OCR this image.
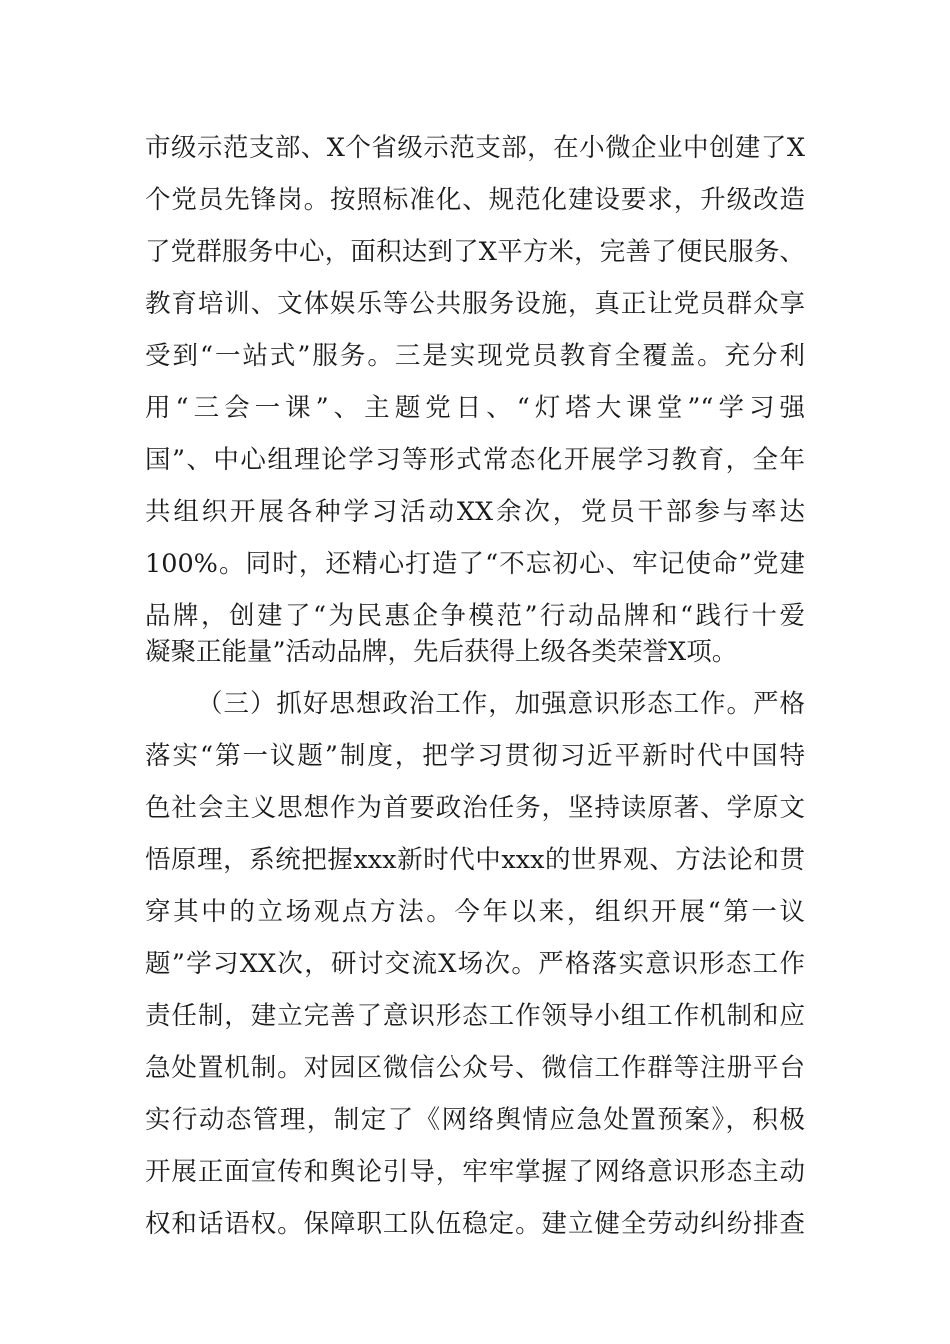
市级示范支部、X个省级示范支部，在小微企业中创建了X
个党员先锋岗。按照标准化、规范化建设要求，升级改造
了党群服务中心，面积达到了X平方米，完善了便民服务、
教育培训、文体娱乐等公共服务设施，真正让党员群众享
受到“一站式”服务。三是实现党员教育全覆盖。充分利
用“三会一课”、主题党日、“灯塔大课堂”“学习强
国”、中心组理论学习等形式常态化开展学习教育，全年
共组织开展各种学习活动XX余次，党员干部参与率达
100%。同时，还精心打造了“不忘初心、牢记使命”党建
品牌，创建了“为民惠企争模范”行动品牌和“践行十爱
凝聚正能量”活动品牌，先后获得上级各类荣誉X项。
（三）抓好思想政治工作，加强意识形态工作。严格
落实“第一议题”制度，把学习贯彻习近平新时代中国特
色社会主义思想作为首要政治任务，坚持读原著、学原文
悟原理，系统把握xxx新时代中xxx的世界观、方法论和贯
穿其中的立场观点方法。今年以来，组织开展“第一议
题”学习XX次，研讨交流X场次。严格落实意识形态工作
责任制，建立完善了意识形态工作领导小组工作机制和应
急处置机制。对园区微信公众号、微信工作群等注册平台
实行动态管理，制定了《网络舆情应急处置预案》，积极
开展正面宣传和舆论引导，牢牢掌握了网络意识形态主动
权和话语权。保障职工队伍稳定。建立健全劳动纠纷排查
